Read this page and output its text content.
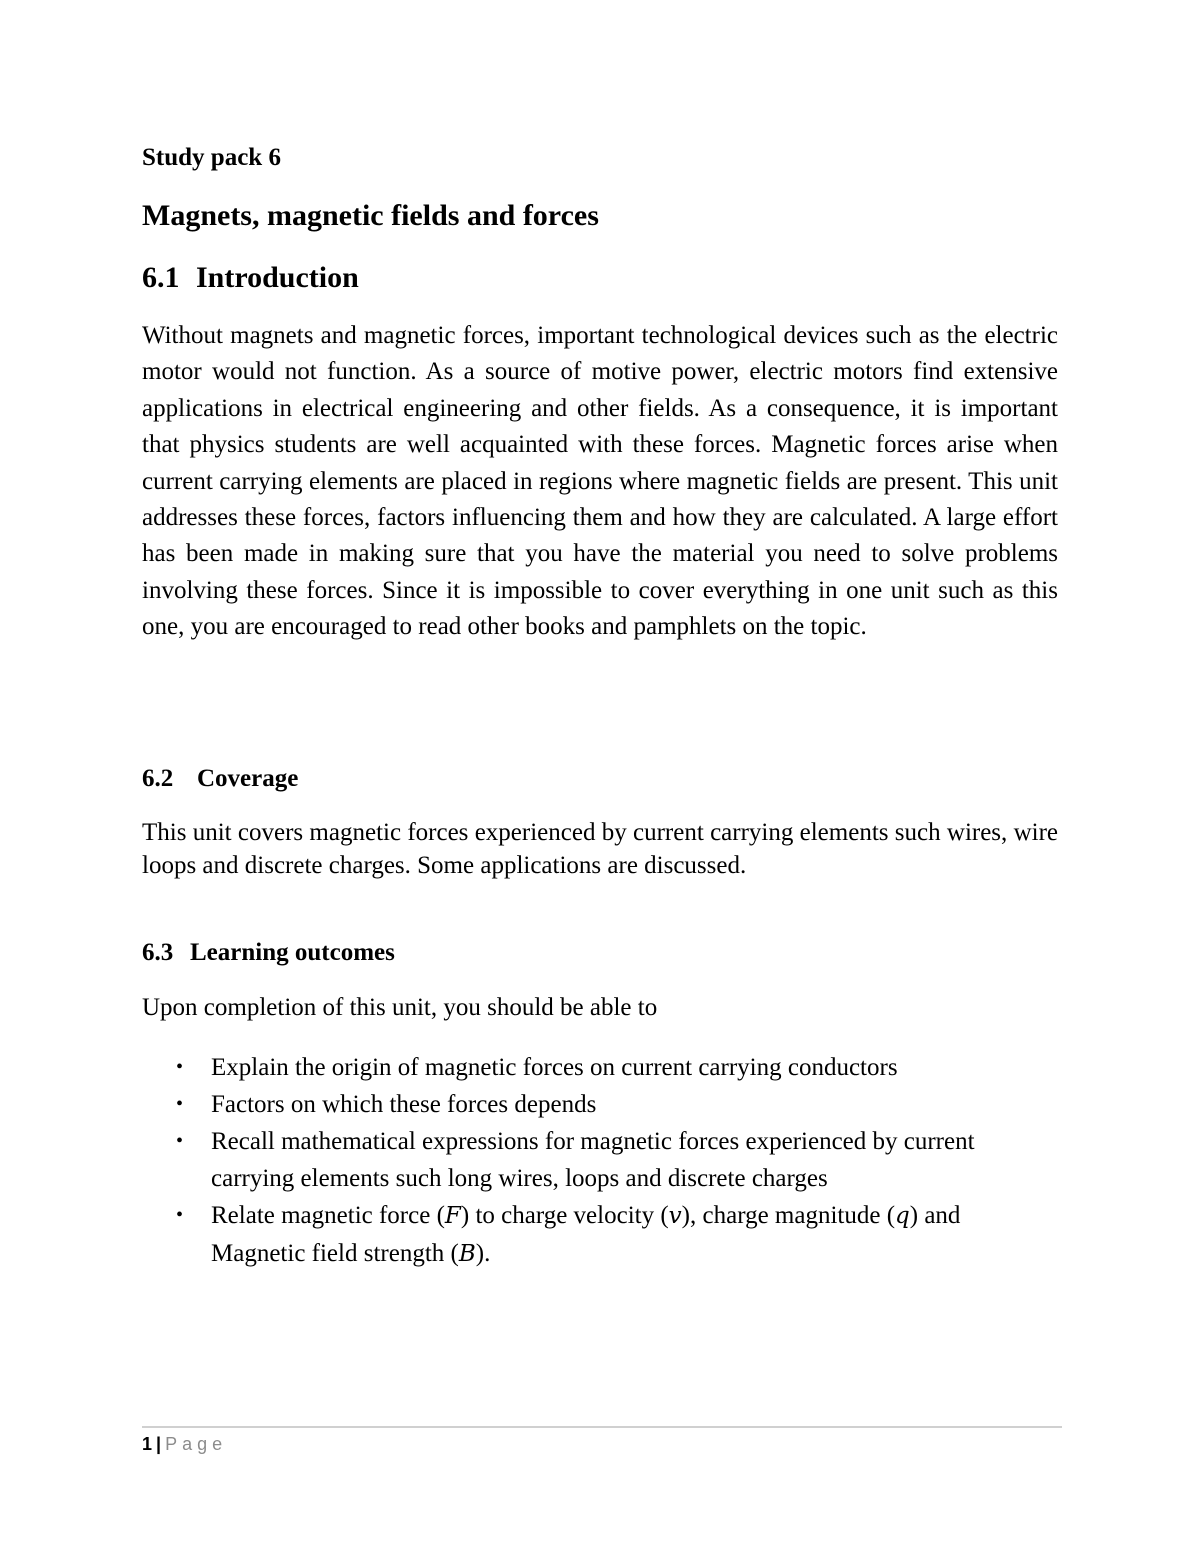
Study pack 6
Magnets, magnetic fields and forces
6.1 Introduction

Without magnets and magnetic forces, important technological devices such as the electric motor would not function. As a source of motive power, electric motors find extensive applications in electrical engineering and other fields. As a consequence, it is important that physics students are well acquainted with these forces. Magnetic forces arise when current carrying elements are placed in regions where magnetic fields are present. This unit addresses these forces, factors influencing them and how they are calculated. A large effort has been made in making sure that you have the material you need to solve problems involving these forces. Since it is impossible to cover everything in one unit such as this one, you are encouraged to read other books and pamphlets on the topic.

6.2 Coverage

This unit covers magnetic forces experienced by current carrying elements such wires, wire loops and discrete charges. Some applications are discussed.

6.3 Learning outcomes
Upon completion of this unit, you should be able to
• Explain the origin of magnetic forces on current carrying conductors
• Factors on which these forces depends
• Recall mathematical expressions for magnetic forces experienced by current carrying elements such long wires, loops and discrete charges
• Relate magnetic force (F) to charge velocity (v), charge magnitude (q) and Magnetic field strength (B).
1 | Page
